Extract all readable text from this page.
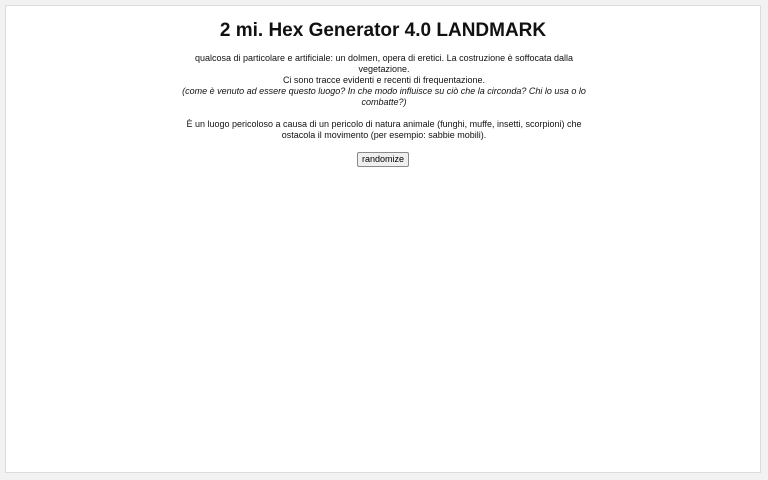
2 mi. Hex Generator 4.0 LANDMARK

qualcosa di particolare e artificiale: un dolmen, opera di eretici. La costruzione è soffocata dalla vegetazione.

Ci sono tracce evidenti e recenti di frequentazione.

(come è venuto ad essere questo luogo? In che modo influisce su ciò che la circonda? Chi lo usa o lo combatte?)

È un luogo pericoloso a causa di un pericolo di natura animale (funghi, muffe, insetti, scorpioni) che ostacola il movimento (per esempio: sabbie mobili).

randomize
